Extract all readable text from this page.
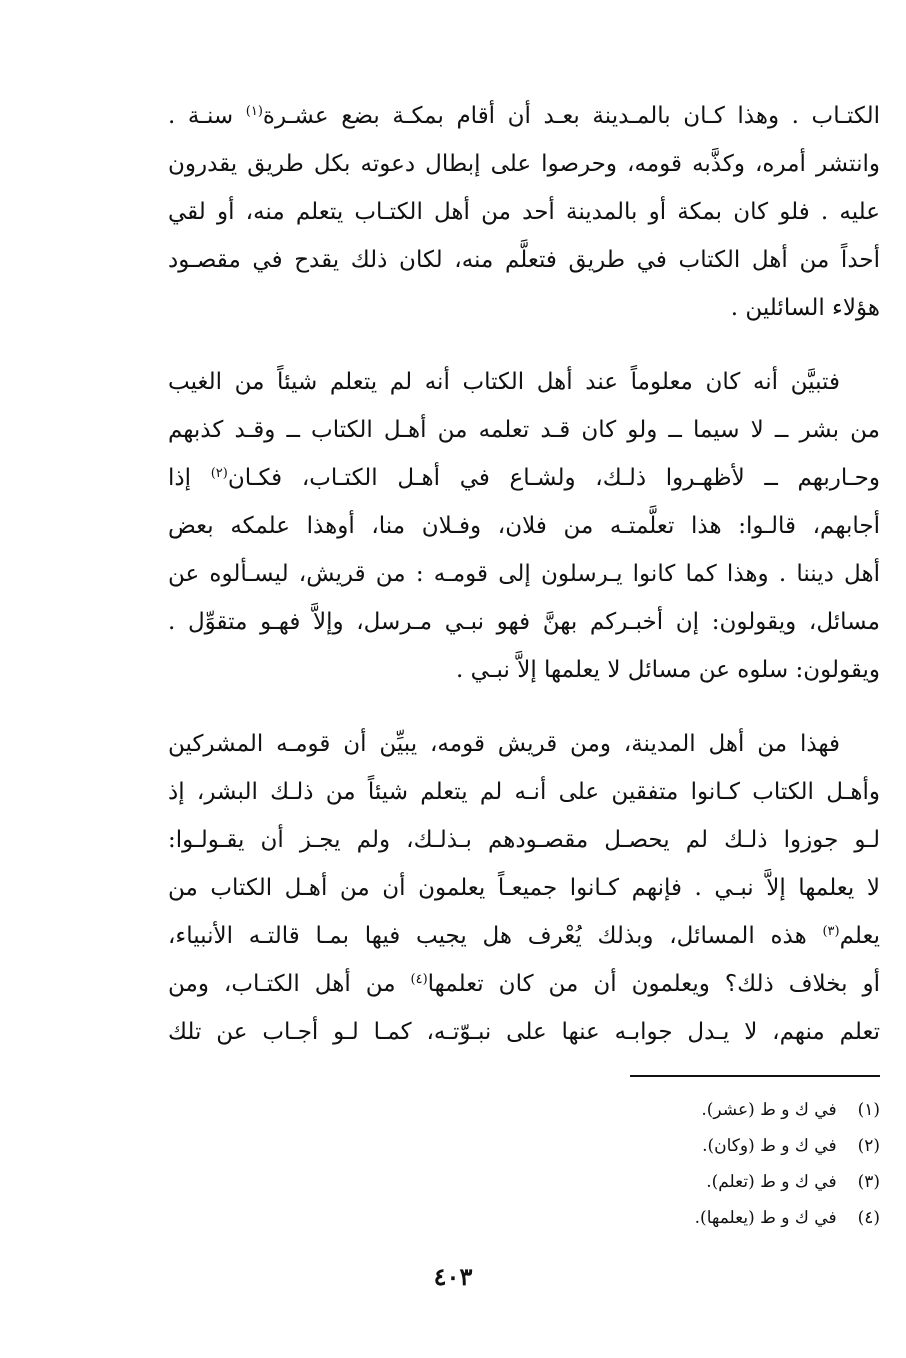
الكتـاب . وهذا كـان بالمـدينة بعـد أن أقام بمكـة بضع عشـرة$^{(١)}$ سنـة .
وانتشر أمره، وكذَّبه قومه، وحرصوا على إبطال دعوته بكل طريق يقدرون
عليه . فلو كان بمكة أو بالمدينة أحد من أهل الكتـاب يتعلم منه، أو لقي
أحداً من أهل الكتاب في طريق فتعلَّم منه، لكان ذلك يقدح في مقصـود
هؤلاء السائلين .
فتبيَّن أنه كان معلوماً عند أهل الكتاب أنه لم يتعلم شيئاً من الغيب
من بشر ــ لا سيما ــ ولو كان قـد تعلمه من أهـل الكتاب ــ وقـد كذبهم
وحـاربهم ــ لأظهـروا ذلـك، ولشـاع في أهـل الكتـاب، فكـان$^{(٢)}$ إذا
أجابهم، قالـوا: هذا تعلَّمتـه من فلان، وفـلان منا، أوهذا علمكه بعض
أهل ديننا . وهذا كما كانوا يـرسلون إلى قومـه : من قريش، ليسـألوه عن
مسائل، ويقولون: إن أخبـركم بهنَّ فهو نبـي مـرسل، وإلاَّ فهـو متقوِّل .
ويقولون: سلوه عن مسائل لا يعلمها إلاَّ نبـي .
فهذا من أهل المدينة، ومن قريش قومه، يبيِّن أن قومـه المشركين
وأهـل الكتاب كـانوا متفقين على أنـه لم يتعلم شيئاً من ذلـك البشر، إذ
لـو جوزوا ذلـك لم يحصـل مقصـودهم بـذلـك، ولم يجـز أن يقـولـوا:
لا يعلمها إلاَّ نبـي . فإنهم كـانوا جميعـاً يعلمون أن من أهـل الكتاب من
يعلم$^{(٣)}$ هذه المسائل، وبذلك يُعْرف هل يجيب فيها بمـا قالتـه الأنبياء،
أو بخلاف ذلك؟ ويعلمون أن من كان تعلمها$^{(٤)}$ من أهل الكتـاب، ومن
تعلم منهم، لا يـدل جوابـه عنها على نبـوّتـه، كمـا لـو أجـاب عن تلك
(١) في ك و ط (عشر).
(٢) في ك و ط (وكان).
(٣) في ك و ط (تعلم).
(٤) في ك و ط (يعلمها).
٤٠٣
